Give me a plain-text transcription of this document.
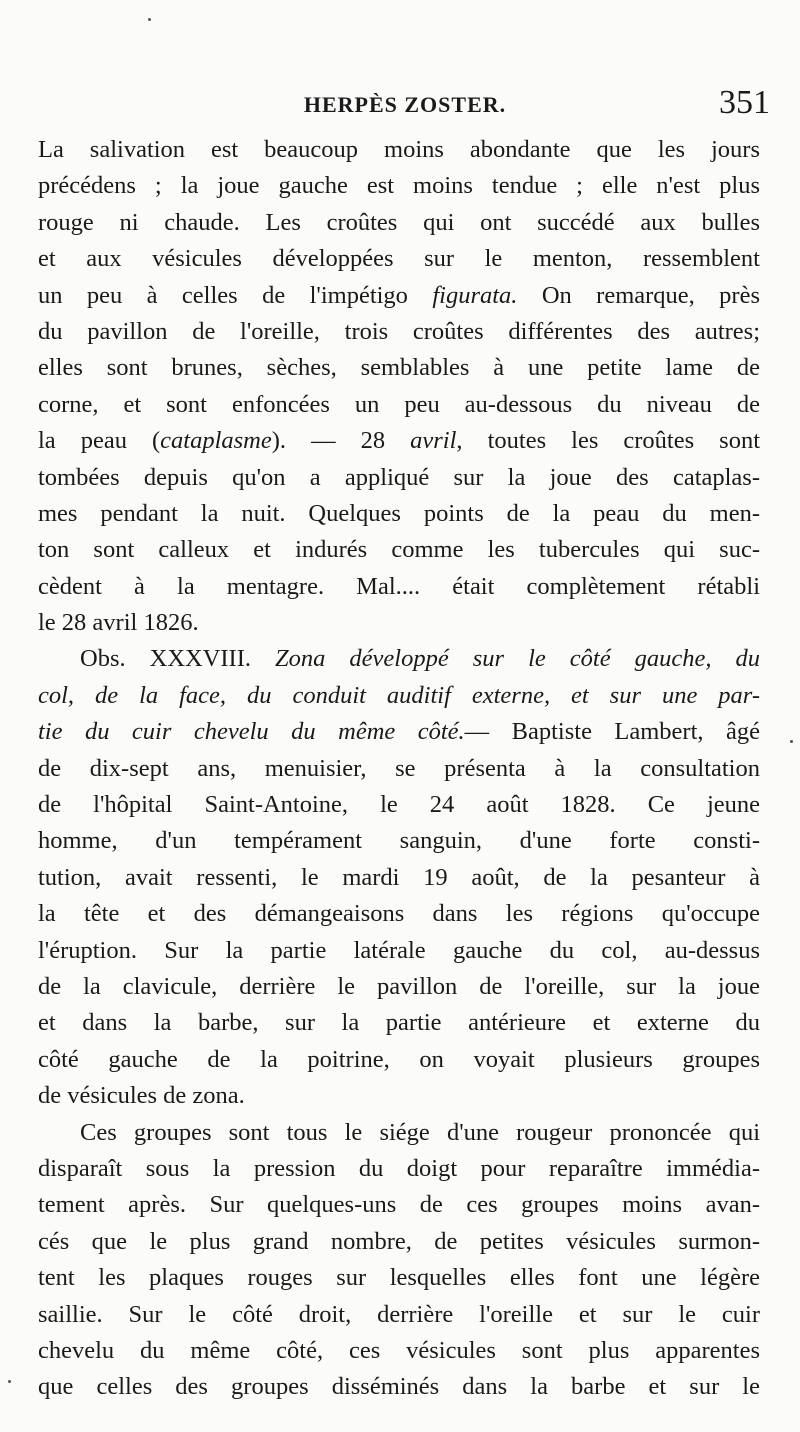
HERPÈS ZOSTER.	351
La salivation est beaucoup moins abondante que les jours
précédens ; la joue gauche est moins tendue ; elle n'est plus
rouge ni chaude. Les croûtes qui ont succédé aux bulles
et aux vésicules développées sur le menton, ressemblent
un peu à celles de l'impétigo figurata. On remarque, près
du pavillon de l'oreille, trois croûtes différentes des autres;
elles sont brunes, sèches, semblables à une petite lame de
corne, et sont enfoncées un peu au-dessous du niveau de
la peau (cataplasme). — 28 avril, toutes les croûtes sont
tombées depuis qu'on a appliqué sur la joue des cataplas-
mes pendant la nuit. Quelques points de la peau du men-
ton sont calleux et indurés comme les tubercules qui suc-
cèdent à la mentagre. Mal.... était complètement rétabli
le 28 avril 1826.
Obs. XXXVIII. Zona développé sur le côté gauche, du
col, de la face, du conduit auditif externe, et sur une par-
tie du cuir chevelu du même côté.— Baptiste Lambert, âgé
de dix-sept ans, menuisier, se présenta à la consultation
de l'hôpital Saint-Antoine, le 24 août 1828. Ce jeune
homme, d'un tempérament sanguin, d'une forte consti-
tution, avait ressenti, le mardi 19 août, de la pesanteur à
la tête et des démangeaisons dans les régions qu'occupe
l'éruption. Sur la partie latérale gauche du col, au-dessus
de la clavicule, derrière le pavillon de l'oreille, sur la joue
et dans la barbe, sur la partie antérieure et externe du
côté gauche de la poitrine, on voyait plusieurs groupes
de vésicules de zona.
Ces groupes sont tous le siége d'une rougeur prononcée qui
disparaît sous la pression du doigt pour reparaître immédia-
tement après. Sur quelques-uns de ces groupes moins avan-
cés que le plus grand nombre, de petites vésicules surmon-
tent les plaques rouges sur lesquelles elles font une légère
saillie. Sur le côté droit, derrière l'oreille et sur le cuir
chevelu du même côté, ces vésicules sont plus apparentes
que celles des groupes disséminés dans la barbe et sur le
